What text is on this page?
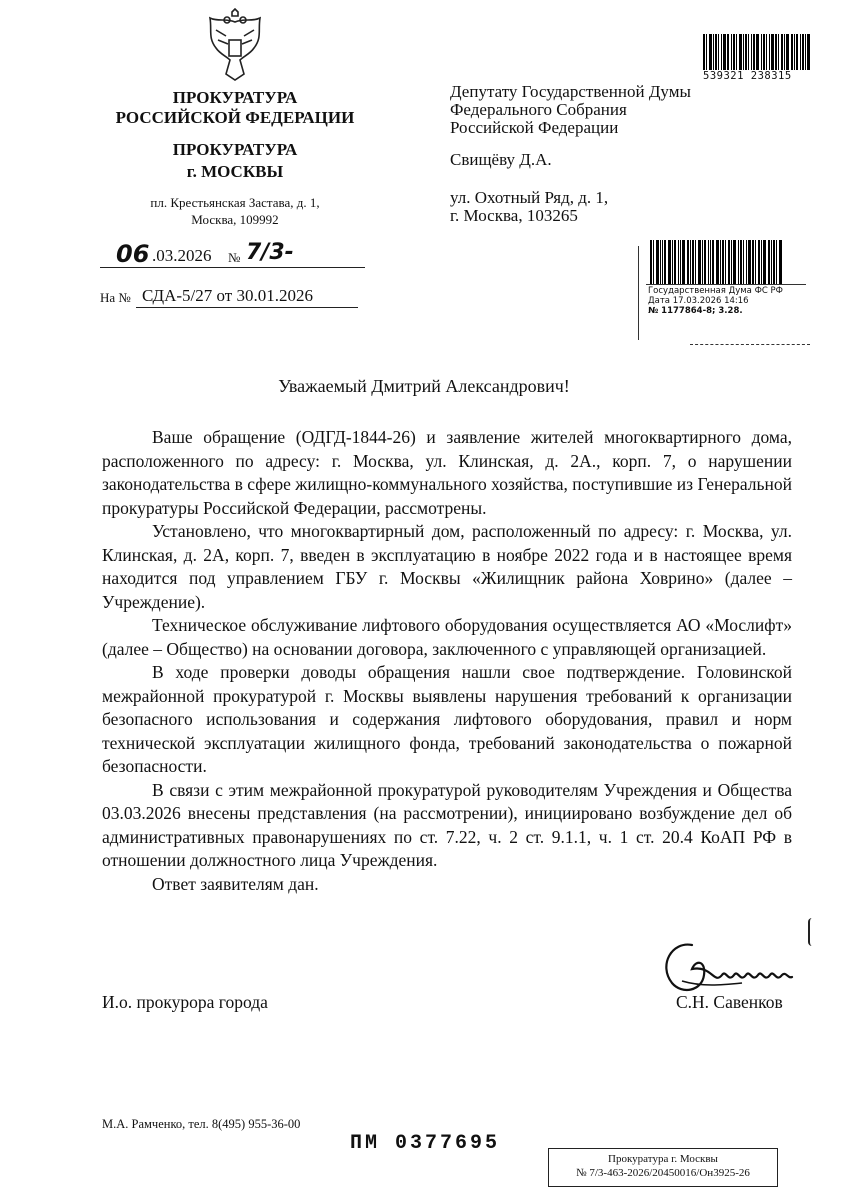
ПРОКУРАТУРА
РОССИЙСКОЙ ФЕДЕРАЦИИ
ПРОКУРАТУРА
г. МОСКВЫ
пл. Крестьянская Застава, д. 1,
Москва, 109992
06 .03.2026 № 7/3-
На № СДА-5/27 от 30.01.2026
539321 238315
Депутату Государственной Думы
Федерального Собрания
Российской Федерации
Свищёву Д.А.
ул. Охотный Ряд, д. 1,
г. Москва, 103265
Государственная Дума ФС РФ
Дата 17.03.2026 14:16
№ 1177864-8; 3.28.
Уважаемый Дмитрий Александрович!

Ваше обращение (ОДГД-1844-26) и заявление жителей многоквартирного дома, расположенного по адресу: г. Москва, ул. Клинская, д. 2А., корп. 7, о нарушении законодательства в сфере жилищно-коммунального хозяйства, поступившие из Генеральной прокуратуры Российской Федерации, рассмотрены.

Установлено, что многоквартирный дом, расположенный по адресу: г. Москва, ул. Клинская, д. 2А, корп. 7, введен в эксплуатацию в ноябре 2022 года и в настоящее время находится под управлением ГБУ г. Москвы «Жилищник района Ховрино» (далее – Учреждение).

Техническое обслуживание лифтового оборудования осуществляется АО «Мослифт» (далее – Общество) на основании договора, заключенного с управляющей организацией.

В ходе проверки доводы обращения нашли свое подтверждение. Головинской межрайонной прокуратурой г. Москвы выявлены нарушения требований к организации безопасного использования и содержания лифтового оборудования, правил и норм технической эксплуатации жилищного фонда, требований законодательства о пожарной безопасности.

В связи с этим межрайонной прокуратурой руководителям Учреждения и Общества 03.03.2026 внесены представления (на рассмотрении), инициировано возбуждение дел об административных правонарушениях по ст. 7.22, ч. 2 ст. 9.1.1, ч. 1 ст. 20.4 КоАП РФ в отношении должностного лица Учреждения.

Ответ заявителям дан.

И.о. прокурора города	С.Н. Савенков
М.А. Рамченко, тел. 8(495) 955-36-00
ПМ 0377695
Прокуратура г. Москвы
№ 7/3-463-2026/20450016/Он3925-26
